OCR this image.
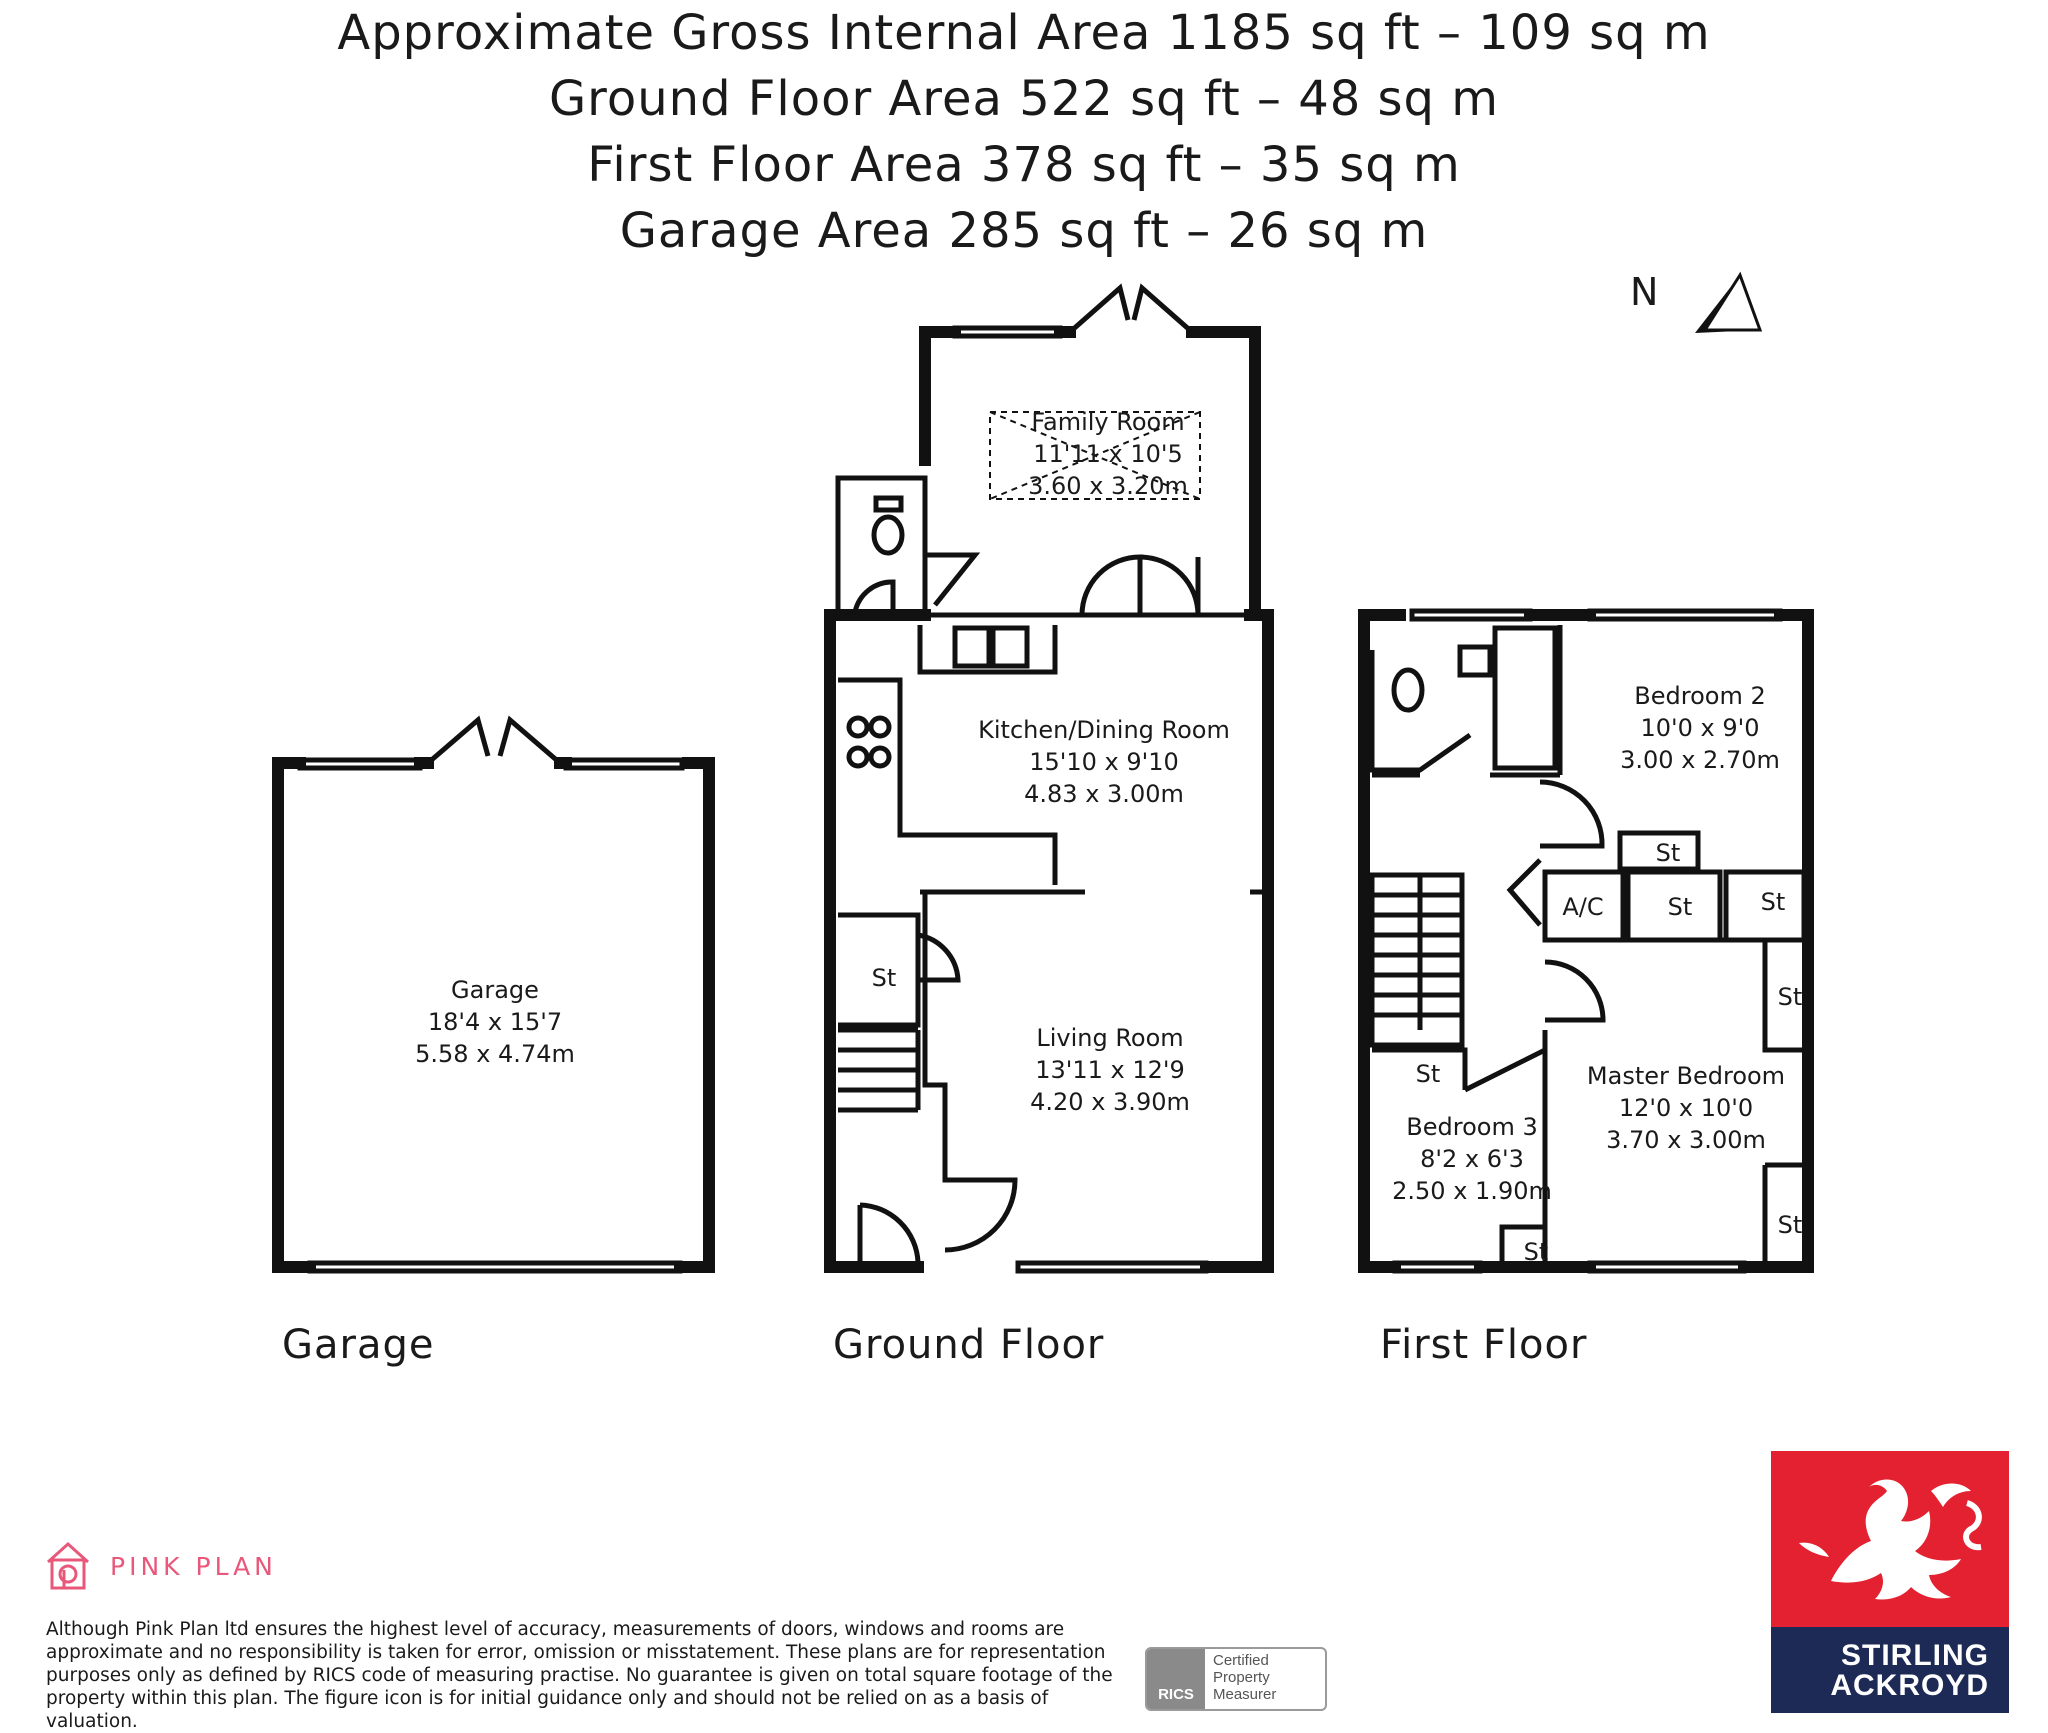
Approximate Gross Internal Area 1185 sq ft – 109 sq m
Ground Floor Area 522 sq ft – 48 sq m
First Floor Area 378 sq ft – 35 sq m
Garage Area 285 sq ft – 26 sq m
Garage
18'4 x 15'7
5.58 x 4.74m
Family Room
11'11 x 10'5
3.60 x 3.20m
Kitchen/Dining Room
15'10 x 9'10
4.83 x 3.00m
Living Room
13'11 x 12'9
4.20 x 3.90m
Bedroom 2
10'0 x 9'0
3.00 x 2.70m
Master Bedroom
12'0 x 10'0
3.70 x 3.00m
Bedroom 3
8'2 x 6'3
2.50 x 1.90m
St
St
St	St
St
St
St
St
A/C
N
Garage	Ground Floor	First Floor
PINK PLAN
Although Pink Plan ltd ensures the highest level of accuracy, measurements of doors, windows and rooms are
approximate and no responsibility is taken for error, omission or misstatement. These plans are for representation
purposes only as defined by RICS code of measuring practise. No guarantee is given on total square footage of the
property within this plan. The figure icon is for initial guidance only and should not be relied on as a basis of valuation.
RICS
Certified
Property
Measurer
STIRLING
ACKROYD
